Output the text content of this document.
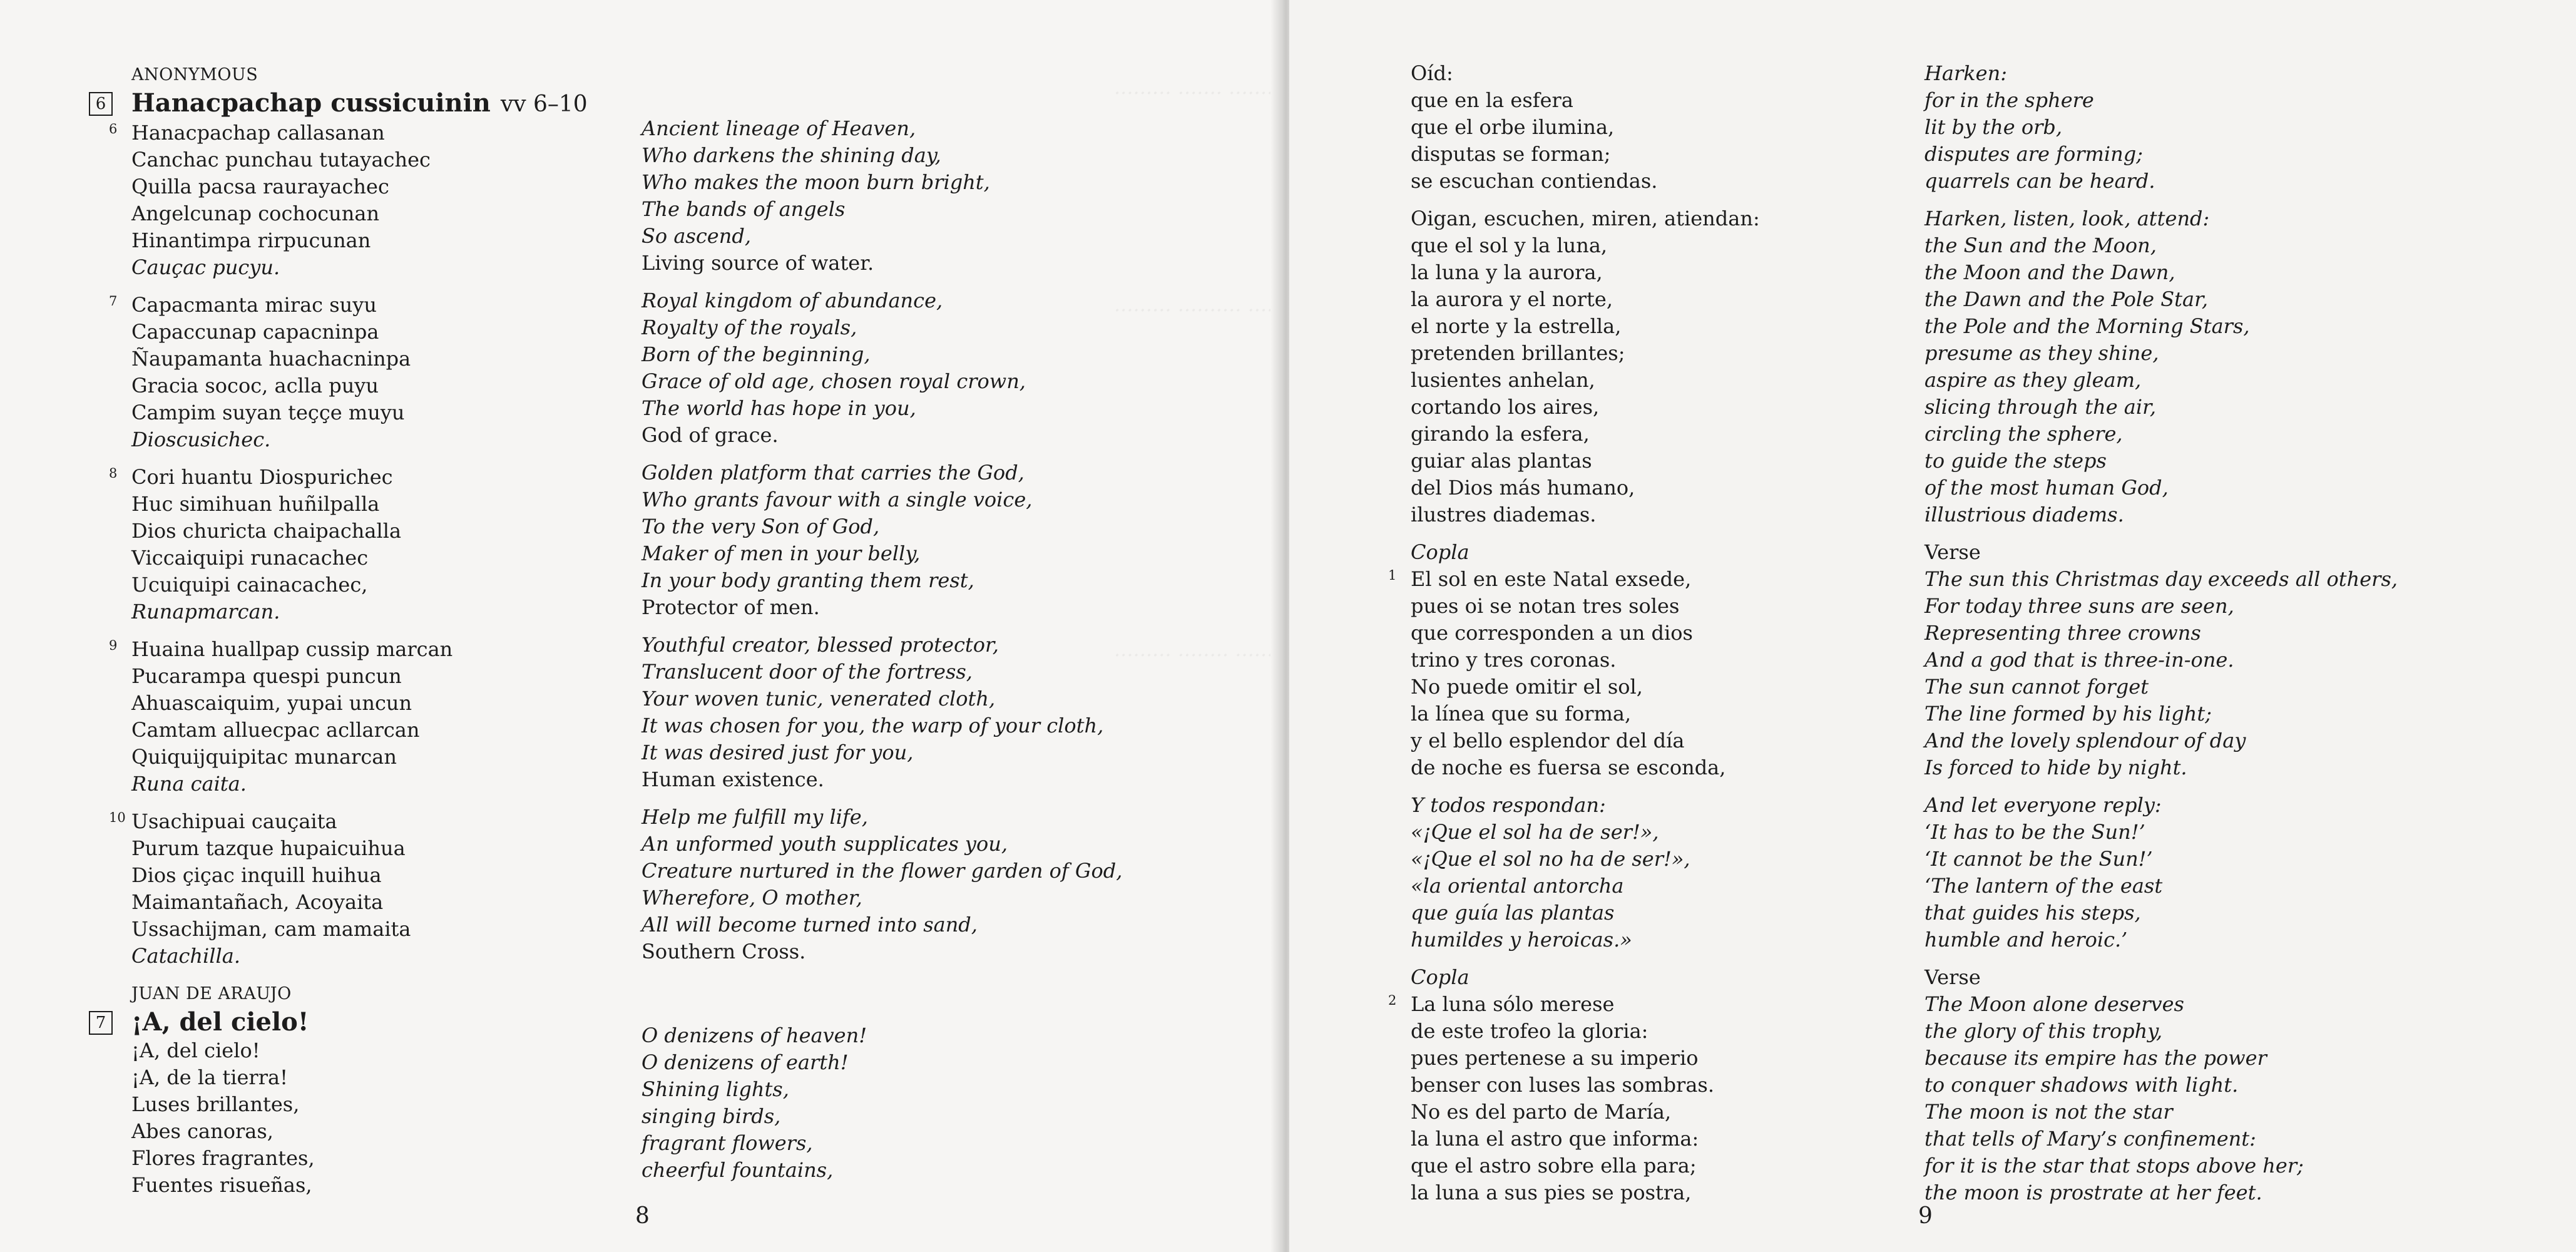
ANONYMOUS
6 Hanacpachap cussicuinin vv 6–10
6 Hanacpachap callasanan
Canchac punchau tutayachec
Quilla pacsa raurayachec
Angelcunap cochocunan
Hinantimpa rirpucunan
Cauçac pucyu.
7 Capacmanta mirac suyu
Capaccunap capacninpa
Ñaupamanta huachacninpa
Gracia sococ, aclla puyu
Campim suyan teççe muyu
Dioscusichec.
8 Cori huantu Diospurichec
Huc simihuan huñilpalla
Dios churicta chaipachalla
Viccaiquipi runacachec
Ucuiquipi cainacachec,
Runapmarcan.
9 Huaina huallpap cussip marcan
Pucarampa quespi puncun
Ahuascaiquim, yupai uncun
Camtam alluecpac acllarcan
Quiquijquipitac munarcan
Runa caita.
10 Usachipuai cauçaita
Purum tazque hupaicuihua
Dios çiçac inquill huihua
Maimantañach, Acoyaita
Ussachijman, cam mamaita
Catachilla.
JUAN DE ARAUJO
7 ¡A, del cielo!
¡A, del cielo!
¡A, de la tierra!
Luses brillantes,
Abes canoras,
Flores fragrantes,
Fuentes risueñas,
Ancient lineage of Heaven,
Who darkens the shining day,
Who makes the moon burn bright,
The bands of angels
So ascend,
Living source of water.
Royal kingdom of abundance,
Royalty of the royals,
Born of the beginning,
Grace of old age, chosen royal crown,
The world has hope in you,
God of grace.
Golden platform that carries the God,
Who grants favour with a single voice,
To the very Son of God,
Maker of men in your belly,
In your body granting them rest,
Protector of men.
Youthful creator, blessed protector,
Translucent door of the fortress,
Your woven tunic, venerated cloth,
It was chosen for you, the warp of your cloth,
It was desired just for you,
Human existence.
Help me fulfill my life,
An unformed youth supplicates you,
Creature nurtured in the flower garden of God,
Wherefore, O mother,
All will become turned into sand,
Southern Cross.
O denizens of heaven!
O denizens of earth!
Shining lights,
singing birds,
fragrant flowers,
cheerful fountains,
8
Oíd:
que en la esfera
que el orbe ilumina,
disputas se forman;
se escuchan contiendas.
Oigan, escuchen, miren, atiendan:
que el sol y la luna,
la luna y la aurora,
la aurora y el norte,
el norte y la estrella,
pretenden brillantes;
lusientes anhelan,
cortando los aires,
girando la esfera,
guiar alas plantas
del Dios más humano,
ilustres diademas.
1
Copla
El sol en este Natal exsede,
pues oi se notan tres soles
que corresponden a un dios
trino y tres coronas.
No puede omitir el sol,
la línea que su forma,
y el bello esplendor del día
de noche es fuersa se esconda,
Y todos respondan:
«¡Que el sol ha de ser!»,
«¡Que el sol no ha de ser!»,
«la oriental antorcha
que guía las plantas
humildes y heroicas.»
2
Copla
La luna sólo merese
de este trofeo la gloria:
pues pertenese a su imperio
benser con luses las sombras.
No es del parto de María,
la luna el astro que informa:
que el astro sobre ella para;
la luna a sus pies se postra,
Harken:
for in the sphere
lit by the orb,
disputes are forming;
quarrels can be heard.
Harken, listen, look, attend:
the Sun and the Moon,
the Moon and the Dawn,
the Dawn and the Pole Star,
the Pole and the Morning Stars,
presume as they shine,
aspire as they gleam,
slicing through the air,
circling the sphere,
to guide the steps
of the most human God,
illustrious diadems.
Verse
The sun this Christmas day exceeds all others,
For today three suns are seen,
Representing three crowns
And a god that is three-in-one.
The sun cannot forget
The line formed by his light;
And the lovely splendour of day
Is forced to hide by night.
And let everyone reply:
‘It has to be the Sun!’
‘It cannot be the Sun!’
‘The lantern of the east
that guides his steps,
humble and heroic.’
Verse
The Moon alone deserves
the glory of this trophy,
because its empire has the power
to conquer shadows with light.
The moon is not the star
that tells of Mary’s confinement:
for it is the star that stops above her;
the moon is prostrate at her feet.
9
